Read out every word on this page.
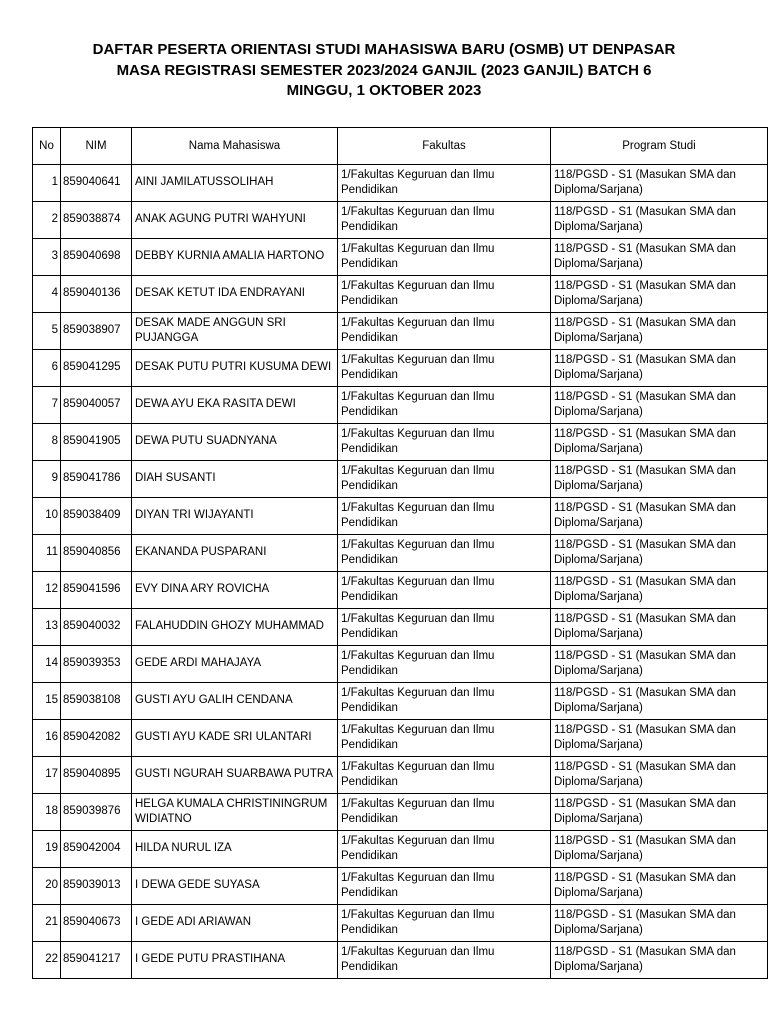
DAFTAR PESERTA ORIENTASI STUDI MAHASISWA BARU (OSMB) UT DENPASAR
MASA REGISTRASI SEMESTER 2023/2024 GANJIL (2023 GANJIL) BATCH 6
MINGGU, 1 OKTOBER 2023
No	NIM	Nama Mahasiswa	Fakultas	Program Studi
1	859040641	AINI JAMILATUSSOLIHAH	1/Fakultas Keguruan dan Ilmu Pendidikan	118/PGSD - S1 (Masukan SMA dan Diploma/Sarjana)
2	859038874	ANAK AGUNG PUTRI WAHYUNI	1/Fakultas Keguruan dan Ilmu Pendidikan	118/PGSD - S1 (Masukan SMA dan Diploma/Sarjana)
3	859040698	DEBBY KURNIA AMALIA HARTONO	1/Fakultas Keguruan dan Ilmu Pendidikan	118/PGSD - S1 (Masukan SMA dan Diploma/Sarjana)
4	859040136	DESAK KETUT IDA ENDRAYANI	1/Fakultas Keguruan dan Ilmu Pendidikan	118/PGSD - S1 (Masukan SMA dan Diploma/Sarjana)
5	859038907	DESAK MADE ANGGUN SRI PUJANGGA	1/Fakultas Keguruan dan Ilmu Pendidikan	118/PGSD - S1 (Masukan SMA dan Diploma/Sarjana)
6	859041295	DESAK PUTU PUTRI KUSUMA DEWI	1/Fakultas Keguruan dan Ilmu Pendidikan	118/PGSD - S1 (Masukan SMA dan Diploma/Sarjana)
7	859040057	DEWA AYU EKA RASITA DEWI	1/Fakultas Keguruan dan Ilmu Pendidikan	118/PGSD - S1 (Masukan SMA dan Diploma/Sarjana)
8	859041905	DEWA PUTU SUADNYANA	1/Fakultas Keguruan dan Ilmu Pendidikan	118/PGSD - S1 (Masukan SMA dan Diploma/Sarjana)
9	859041786	DIAH SUSANTI	1/Fakultas Keguruan dan Ilmu Pendidikan	118/PGSD - S1 (Masukan SMA dan Diploma/Sarjana)
10	859038409	DIYAN TRI WIJAYANTI	1/Fakultas Keguruan dan Ilmu Pendidikan	118/PGSD - S1 (Masukan SMA dan Diploma/Sarjana)
11	859040856	EKANANDA PUSPARANI	1/Fakultas Keguruan dan Ilmu Pendidikan	118/PGSD - S1 (Masukan SMA dan Diploma/Sarjana)
12	859041596	EVY DINA ARY ROVICHA	1/Fakultas Keguruan dan Ilmu Pendidikan	118/PGSD - S1 (Masukan SMA dan Diploma/Sarjana)
13	859040032	FALAHUDDIN GHOZY MUHAMMAD	1/Fakultas Keguruan dan Ilmu Pendidikan	118/PGSD - S1 (Masukan SMA dan Diploma/Sarjana)
14	859039353	GEDE ARDI MAHAJAYA	1/Fakultas Keguruan dan Ilmu Pendidikan	118/PGSD - S1 (Masukan SMA dan Diploma/Sarjana)
15	859038108	GUSTI AYU GALIH CENDANA	1/Fakultas Keguruan dan Ilmu Pendidikan	118/PGSD - S1 (Masukan SMA dan Diploma/Sarjana)
16	859042082	GUSTI AYU KADE SRI ULANTARI	1/Fakultas Keguruan dan Ilmu Pendidikan	118/PGSD - S1 (Masukan SMA dan Diploma/Sarjana)
17	859040895	GUSTI NGURAH SUARBAWA PUTRA	1/Fakultas Keguruan dan Ilmu Pendidikan	118/PGSD - S1 (Masukan SMA dan Diploma/Sarjana)
18	859039876	HELGA KUMALA CHRISTININGRUM WIDIATNO	1/Fakultas Keguruan dan Ilmu Pendidikan	118/PGSD - S1 (Masukan SMA dan Diploma/Sarjana)
19	859042004	HILDA NURUL IZA	1/Fakultas Keguruan dan Ilmu Pendidikan	118/PGSD - S1 (Masukan SMA dan Diploma/Sarjana)
20	859039013	I DEWA GEDE SUYASA	1/Fakultas Keguruan dan Ilmu Pendidikan	118/PGSD - S1 (Masukan SMA dan Diploma/Sarjana)
21	859040673	I GEDE ADI ARIAWAN	1/Fakultas Keguruan dan Ilmu Pendidikan	118/PGSD - S1 (Masukan SMA dan Diploma/Sarjana)
22	859041217	I GEDE PUTU PRASTIHANA	1/Fakultas Keguruan dan Ilmu Pendidikan	118/PGSD - S1 (Masukan SMA dan Diploma/Sarjana)
